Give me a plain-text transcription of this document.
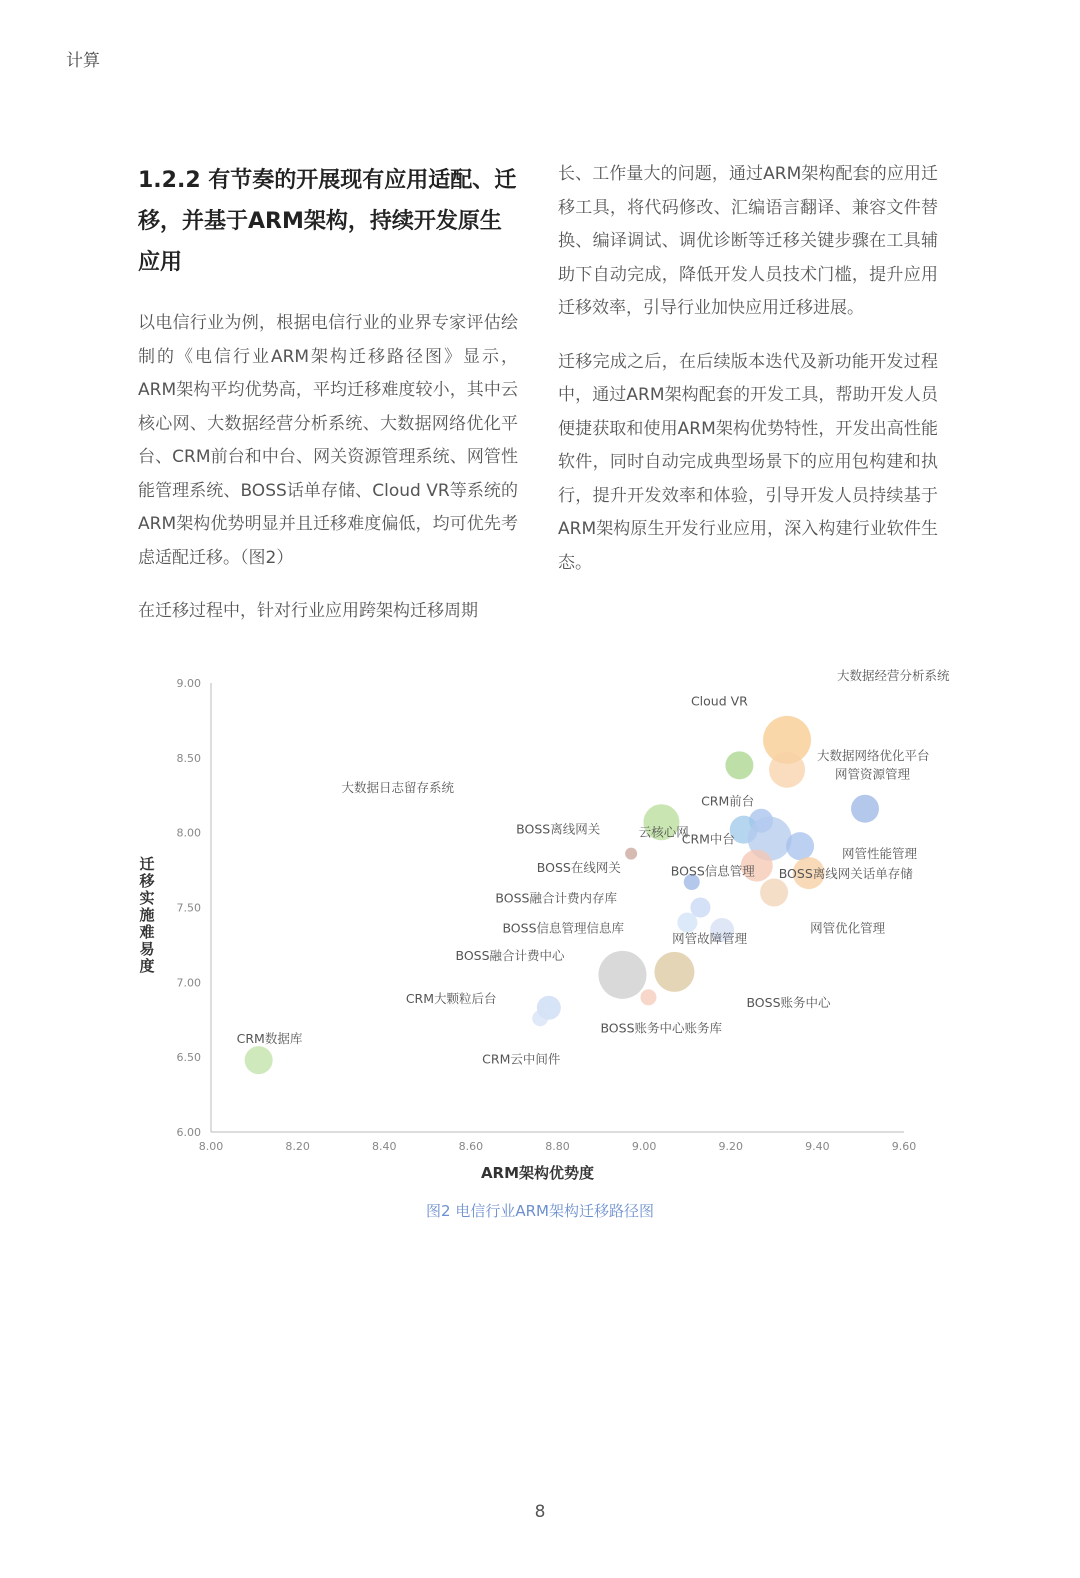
计算
1.2.2 有节奏的开展现有应用适配、迁移，并基于ARM架构，持续开发原生应用

以电信行业为例，根据电信行业的业界专家评估绘制的《电信行业ARM架构迁移路径图》显示，ARM架构平均优势高，平均迁移难度较小，其中云核心网、大数据经营分析系统、大数据网络优化平台、CRM前台和中台、网关资源管理系统、网管性能管理系统、BOSS话单存储、Cloud VR等系统的ARM架构优势明显并且迁移难度偏低，均可优先考虑适配迁移。（图2）

在迁移过程中，针对行业应用跨架构迁移周期

长、工作量大的问题，通过ARM架构配套的应用迁移工具，将代码修改、汇编语言翻译、兼容文件替换、编译调试、调优诊断等迁移关键步骤在工具辅助下自动完成，降低开发人员技术门槛，提升应用迁移效率，引导行业加快应用迁移进展。

迁移完成之后，在后续版本迭代及新功能开发过程中，通过ARM架构配套的开发工具，帮助开发人员便捷获取和使用ARM架构优势特性，开发出高性能软件，同时自动完成典型场景下的应用包构建和执行，提升开发效率和体验，引导开发人员持续基于ARM架构原生开发行业应用，深入构建行业软件生态。

8.00	8.20	8.40	8.60	8.80	9.00	9.20	9.40	9.60
6.00
6.50
7.00
7.50
8.00
8.50
9.00
ARM架构优势度
迁移实施难易度
Cloud VR
大数据经营分析系统
大数据网络优化平台
网管资源管理
CRM前台
大数据日志留存系统
云核心网
CRM中台
网管性能管理
BOSS离线网关
BOSS离线网关话单存储
BOSS在线网关	BOSS信息管理
BOSS融合计费内存库
网管优化管理
网管故障管理
BOSS信息管理信息库
BOSS融合计费中心
BOSS账务中心
CRM大颗粒后台
BOSS账务中心账务库
CRM云中间件
CRM数据库
图2 电信行业ARM架构迁移路径图
8
